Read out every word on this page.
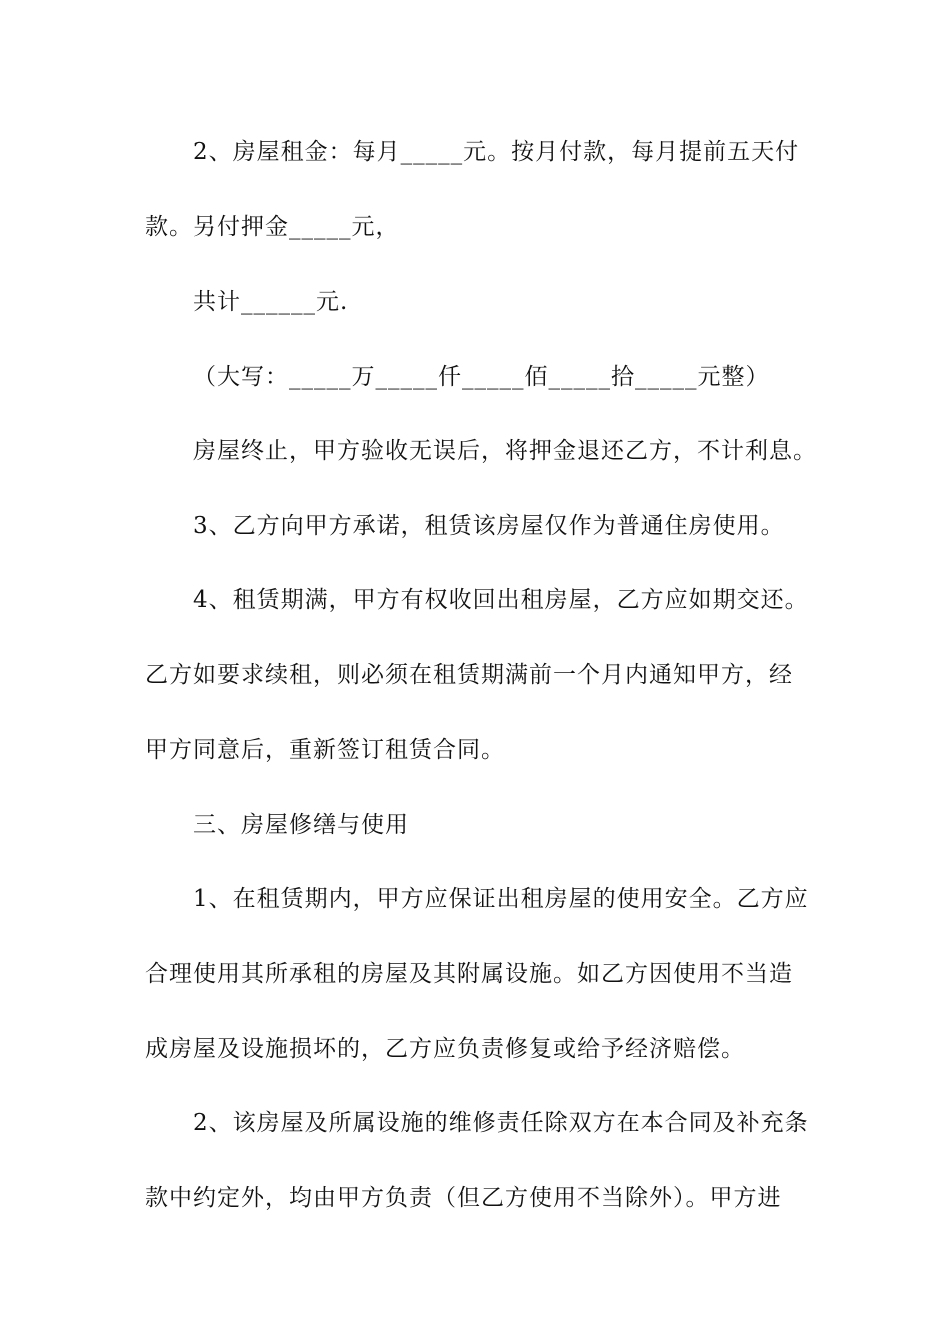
2、房屋租金：每月_____元。按月付款，每月提前五天付
款。另付押金_____元，
共计______元.
（大写：_____万_____仟_____佰_____拾_____元整）
房屋终止，甲方验收无误后，将押金退还乙方，不计利息。
3、乙方向甲方承诺，租赁该房屋仅作为普通住房使用。
4、租赁期满，甲方有权收回出租房屋，乙方应如期交还。
乙方如要求续租，则必须在租赁期满前一个月内通知甲方，经
甲方同意后，重新签订租赁合同。
三、房屋修缮与使用
1、在租赁期内，甲方应保证出租房屋的使用安全。乙方应
合理使用其所承租的房屋及其附属设施。如乙方因使用不当造
成房屋及设施损坏的，乙方应负责修复或给予经济赔偿。
2、该房屋及所属设施的维修责任除双方在本合同及补充条
款中约定外，均由甲方负责（但乙方使用不当除外）。甲方进
